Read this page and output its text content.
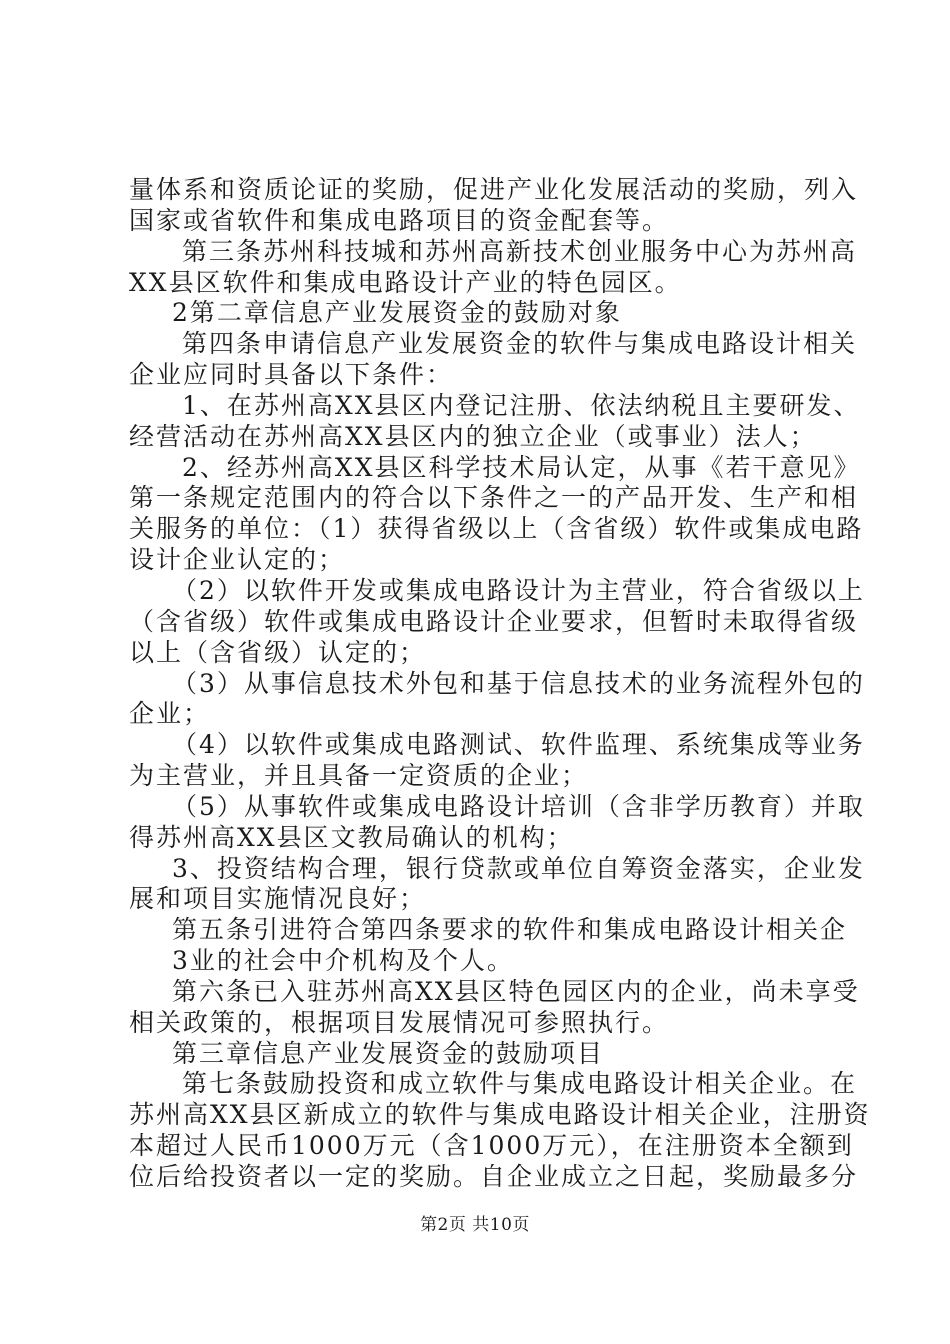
量体系和资质论证的奖励，促进产业化发展活动的奖励，列入
国家或省软件和集成电路项目的资金配套等。
第三条苏州科技城和苏州高新技术创业服务中心为苏州高
XX县区软件和集成电路设计产业的特色园区。
2第二章信息产业发展资金的鼓励对象
第四条申请信息产业发展资金的软件与集成电路设计相关
企业应同时具备以下条件：
1、在苏州高XX县区内登记注册、依法纳税且主要研发、
经营活动在苏州高XX县区内的独立企业（或事业）法人；
2、经苏州高XX县区科学技术局认定，从事《若干意见》
第一条规定范围内的符合以下条件之一的产品开发、生产和相
关服务的单位：（1）获得省级以上（含省级）软件或集成电路
设计企业认定的；
（2）以软件开发或集成电路设计为主营业，符合省级以上
（含省级）软件或集成电路设计企业要求，但暂时未取得省级
以上（含省级）认定的；
（3）从事信息技术外包和基于信息技术的业务流程外包的
企业；
（4）以软件或集成电路测试、软件监理、系统集成等业务
为主营业，并且具备一定资质的企业；
（5）从事软件或集成电路设计培训（含非学历教育）并取
得苏州高XX县区文教局确认的机构；
3、投资结构合理，银行贷款或单位自筹资金落实，企业发
展和项目实施情况良好；
第五条引进符合第四条要求的软件和集成电路设计相关企
3业的社会中介机构及个人。
第六条已入驻苏州高XX县区特色园区内的企业，尚未享受
相关政策的，根据项目发展情况可参照执行。
第三章信息产业发展资金的鼓励项目
第七条鼓励投资和成立软件与集成电路设计相关企业。在
苏州高XX县区新成立的软件与集成电路设计相关企业，注册资
本超过人民币1000万元（含1000万元），在注册资本全额到
位后给投资者以一定的奖励。自企业成立之日起，奖励最多分
第2页 共10页
